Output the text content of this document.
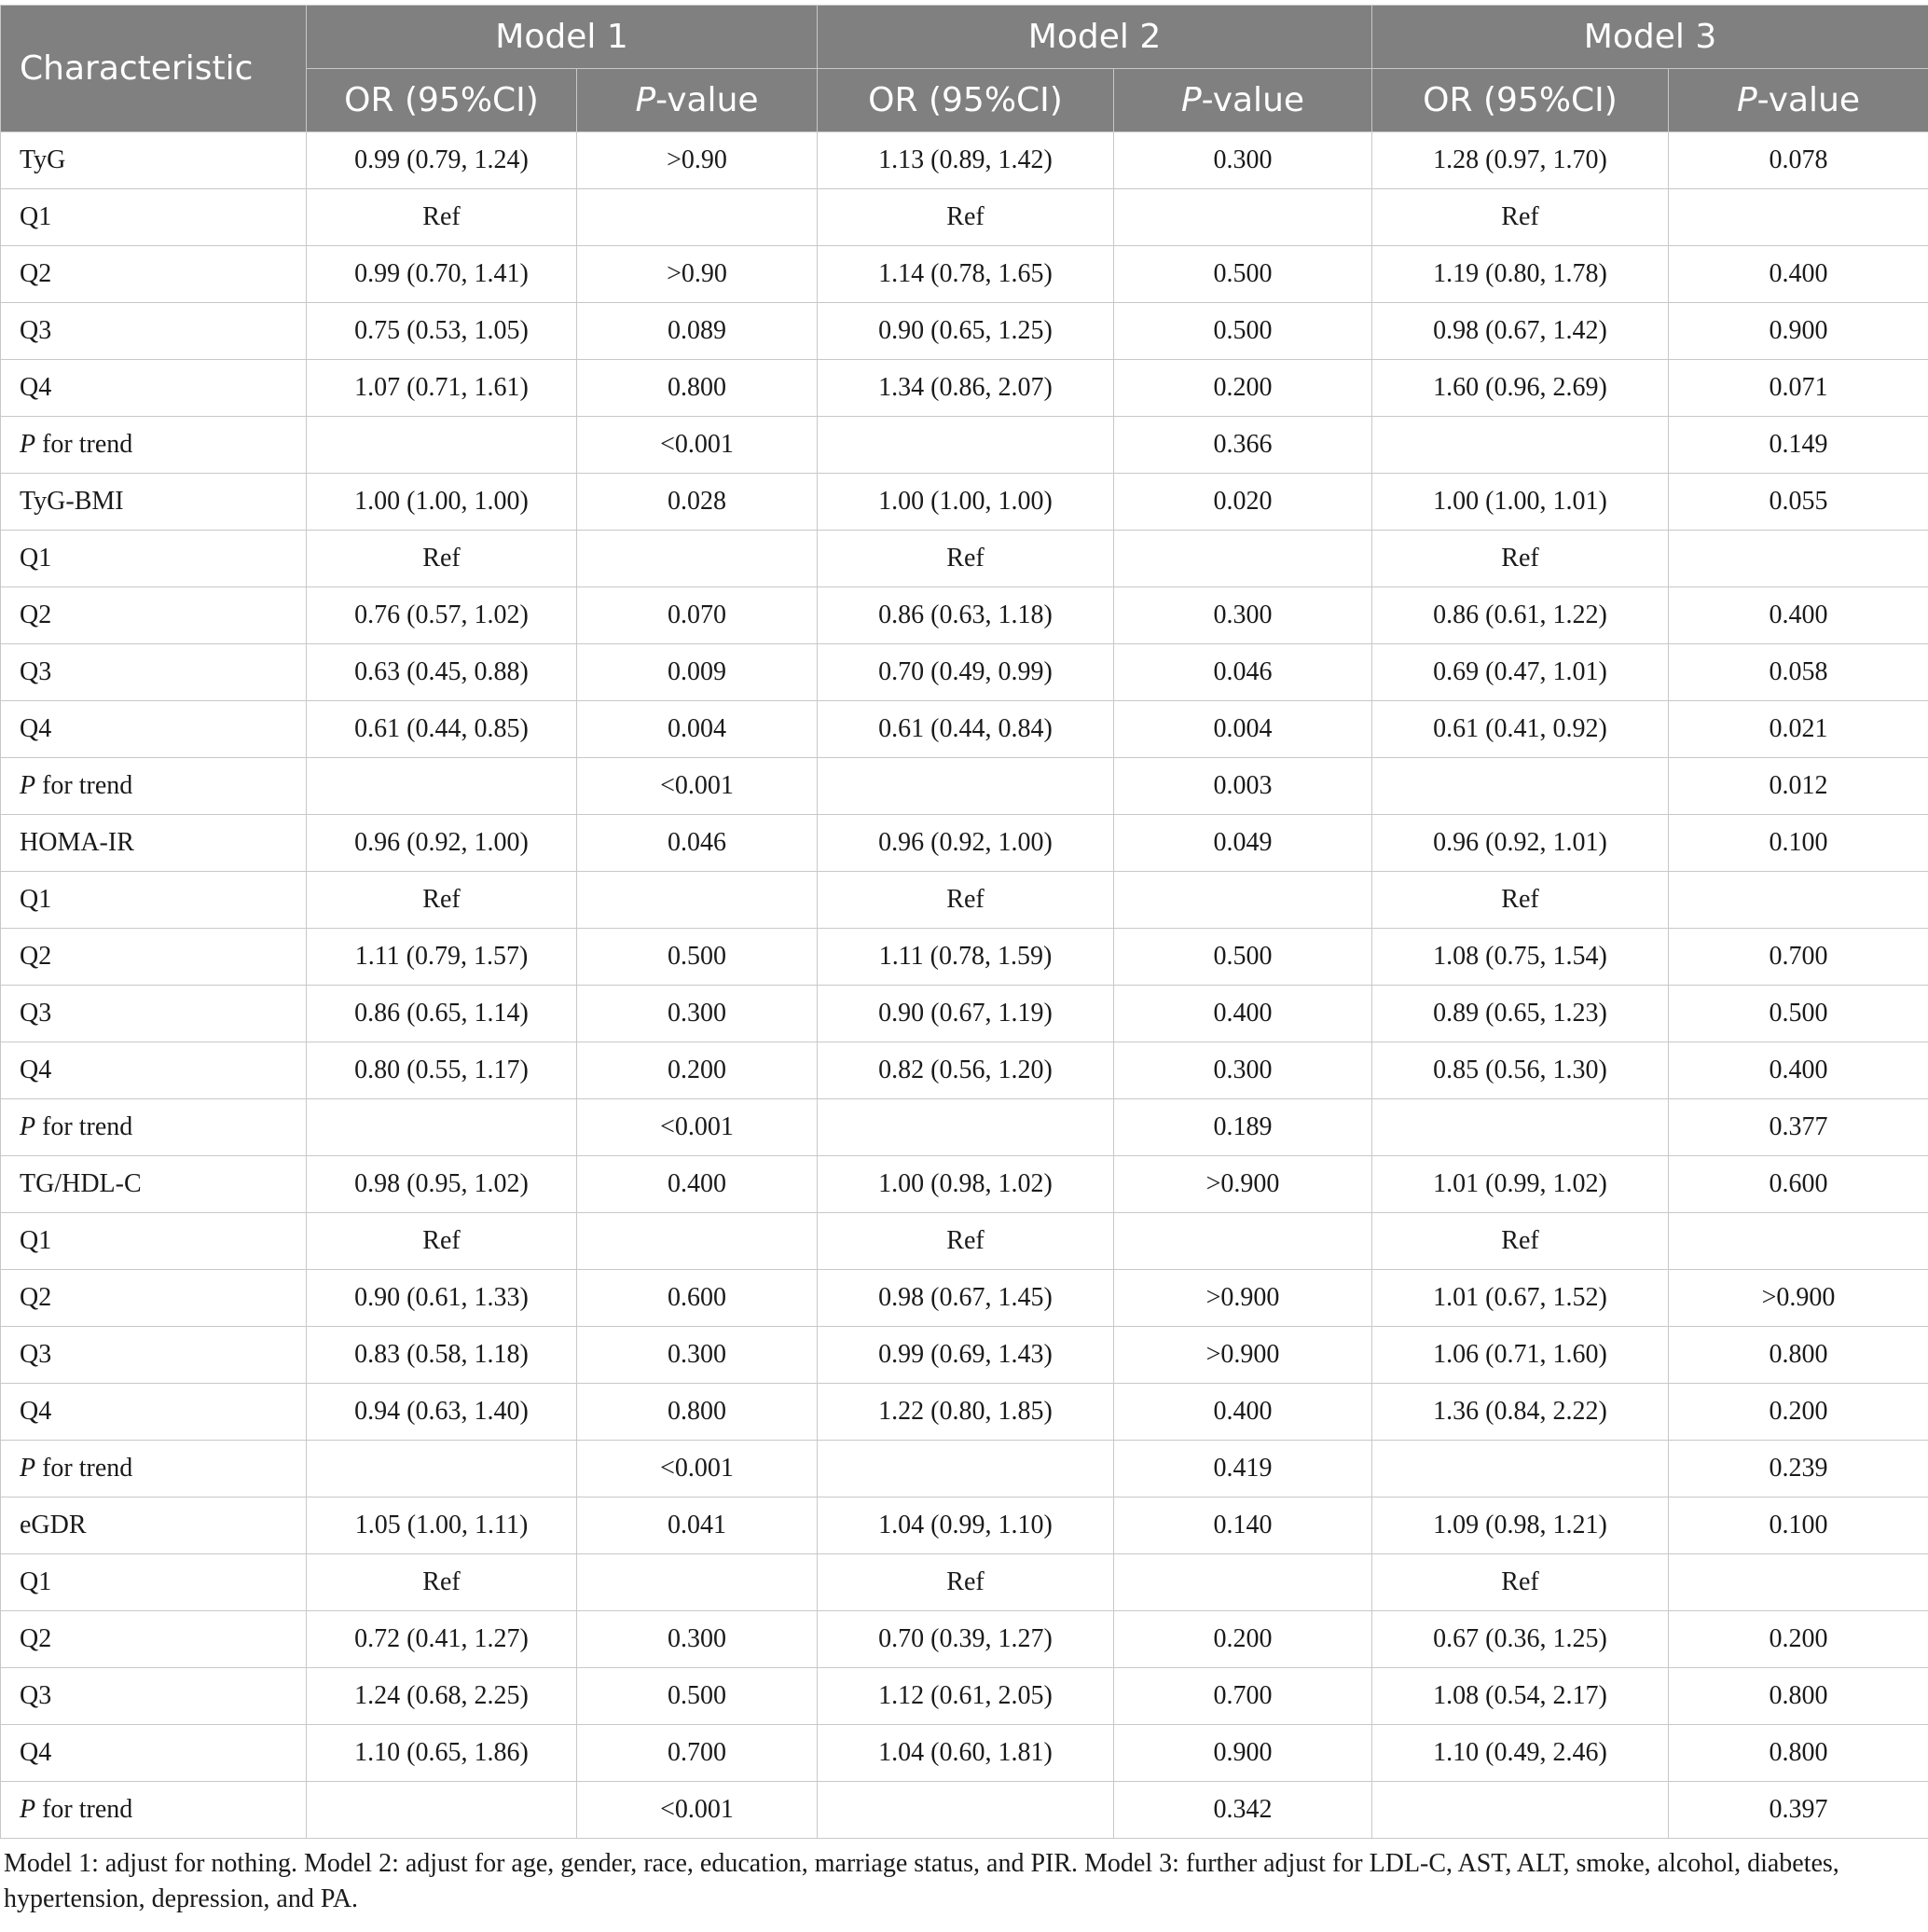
Characteristic	Model 1		Model 2		Model 3	
	OR (95%CI)	P-value	OR (95%CI)	P-value	OR (95%CI)	P-value
TyG	0.99 (0.79, 1.24)	>0.90	1.13 (0.89, 1.42)	0.300	1.28 (0.97, 1.70)	0.078
Q1	Ref		Ref		Ref	
Q2	0.99 (0.70, 1.41)	>0.90	1.14 (0.78, 1.65)	0.500	1.19 (0.80, 1.78)	0.400
Q3	0.75 (0.53, 1.05)	0.089	0.90 (0.65, 1.25)	0.500	0.98 (0.67, 1.42)	0.900
Q4	1.07 (0.71, 1.61)	0.800	1.34 (0.86, 2.07)	0.200	1.60 (0.96, 2.69)	0.071
P for trend		<0.001		0.366		0.149
TyG-BMI	1.00 (1.00, 1.00)	0.028	1.00 (1.00, 1.00)	0.020	1.00 (1.00, 1.01)	0.055
Q1	Ref		Ref		Ref	
Q2	0.76 (0.57, 1.02)	0.070	0.86 (0.63, 1.18)	0.300	0.86 (0.61, 1.22)	0.400
Q3	0.63 (0.45, 0.88)	0.009	0.70 (0.49, 0.99)	0.046	0.69 (0.47, 1.01)	0.058
Q4	0.61 (0.44, 0.85)	0.004	0.61 (0.44, 0.84)	0.004	0.61 (0.41, 0.92)	0.021
P for trend		<0.001		0.003		0.012
HOMA-IR	0.96 (0.92, 1.00)	0.046	0.96 (0.92, 1.00)	0.049	0.96 (0.92, 1.01)	0.100
Q1	Ref		Ref		Ref	
Q2	1.11 (0.79, 1.57)	0.500	1.11 (0.78, 1.59)	0.500	1.08 (0.75, 1.54)	0.700
Q3	0.86 (0.65, 1.14)	0.300	0.90 (0.67, 1.19)	0.400	0.89 (0.65, 1.23)	0.500
Q4	0.80 (0.55, 1.17)	0.200	0.82 (0.56, 1.20)	0.300	0.85 (0.56, 1.30)	0.400
P for trend		<0.001		0.189		0.377
TG/HDL-C	0.98 (0.95, 1.02)	0.400	1.00 (0.98, 1.02)	>0.900	1.01 (0.99, 1.02)	0.600
Q1	Ref		Ref		Ref	
Q2	0.90 (0.61, 1.33)	0.600	0.98 (0.67, 1.45)	>0.900	1.01 (0.67, 1.52)	>0.900
Q3	0.83 (0.58, 1.18)	0.300	0.99 (0.69, 1.43)	>0.900	1.06 (0.71, 1.60)	0.800
Q4	0.94 (0.63, 1.40)	0.800	1.22 (0.80, 1.85)	0.400	1.36 (0.84, 2.22)	0.200
P for trend		<0.001		0.419		0.239
eGDR	1.05 (1.00, 1.11)	0.041	1.04 (0.99, 1.10)	0.140	1.09 (0.98, 1.21)	0.100
Q1	Ref		Ref		Ref	
Q2	0.72 (0.41, 1.27)	0.300	0.70 (0.39, 1.27)	0.200	0.67 (0.36, 1.25)	0.200
Q3	1.24 (0.68, 2.25)	0.500	1.12 (0.61, 2.05)	0.700	1.08 (0.54, 2.17)	0.800
Q4	1.10 (0.65, 1.86)	0.700	1.04 (0.60, 1.81)	0.900	1.10 (0.49, 2.46)	0.800
P for trend		<0.001		0.342		0.397
Model 1: adjust for nothing. Model 2: adjust for age, gender, race, education, marriage status, and PIR. Model 3: further adjust for LDL-C, AST, ALT, smoke, alcohol, diabetes, hypertension, depression, and PA.
